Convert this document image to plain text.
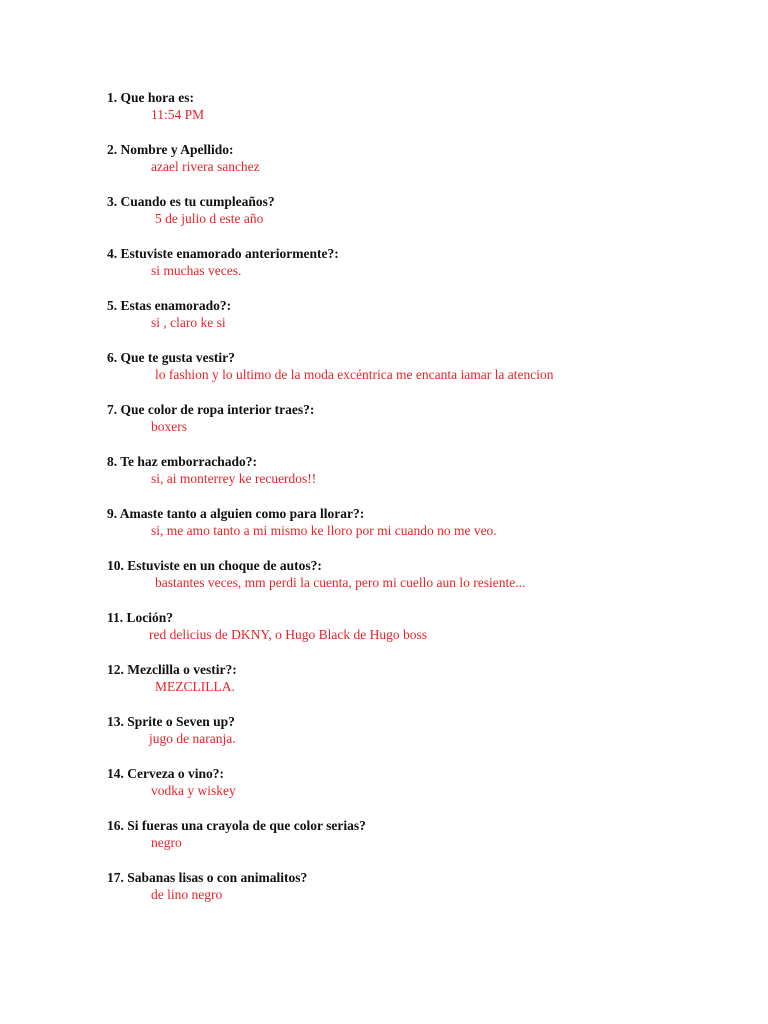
1. Que hora es:
11:54 PM
2. Nombre y Apellido:
azael rivera sanchez
3. Cuando es tu cumpleaños?
5 de julio d este año
4. Estuviste enamorado anteriormente?:
si muchas veces.
5. Estas enamorado?:
si , claro ke si
6. Que te gusta vestir?
lo fashion y lo ultimo de la moda excéntrica me encanta iamar la atencion
7. Que color de ropa interior traes?:
boxers
8. Te haz emborrachado?:
si, ai monterrey ke recuerdos!!
9. Amaste tanto a alguien como para llorar?:
si, me amo tanto a mi mismo ke lloro por mi cuando no me veo.
10. Estuviste en un choque de autos?:
bastantes veces, mm perdi la cuenta, pero mi cuello aun lo resiente...
11. Loción?
red delicius de DKNY, o Hugo Black de Hugo boss
12. Mezclilla o vestir?:
MEZCLILLA.
13. Sprite o Seven up?
jugo de naranja.
14. Cerveza o vino?:
vodka y wiskey
16. Si fueras una crayola de que color serias?
negro
17. Sabanas lisas o con animalitos?
de lino negro
